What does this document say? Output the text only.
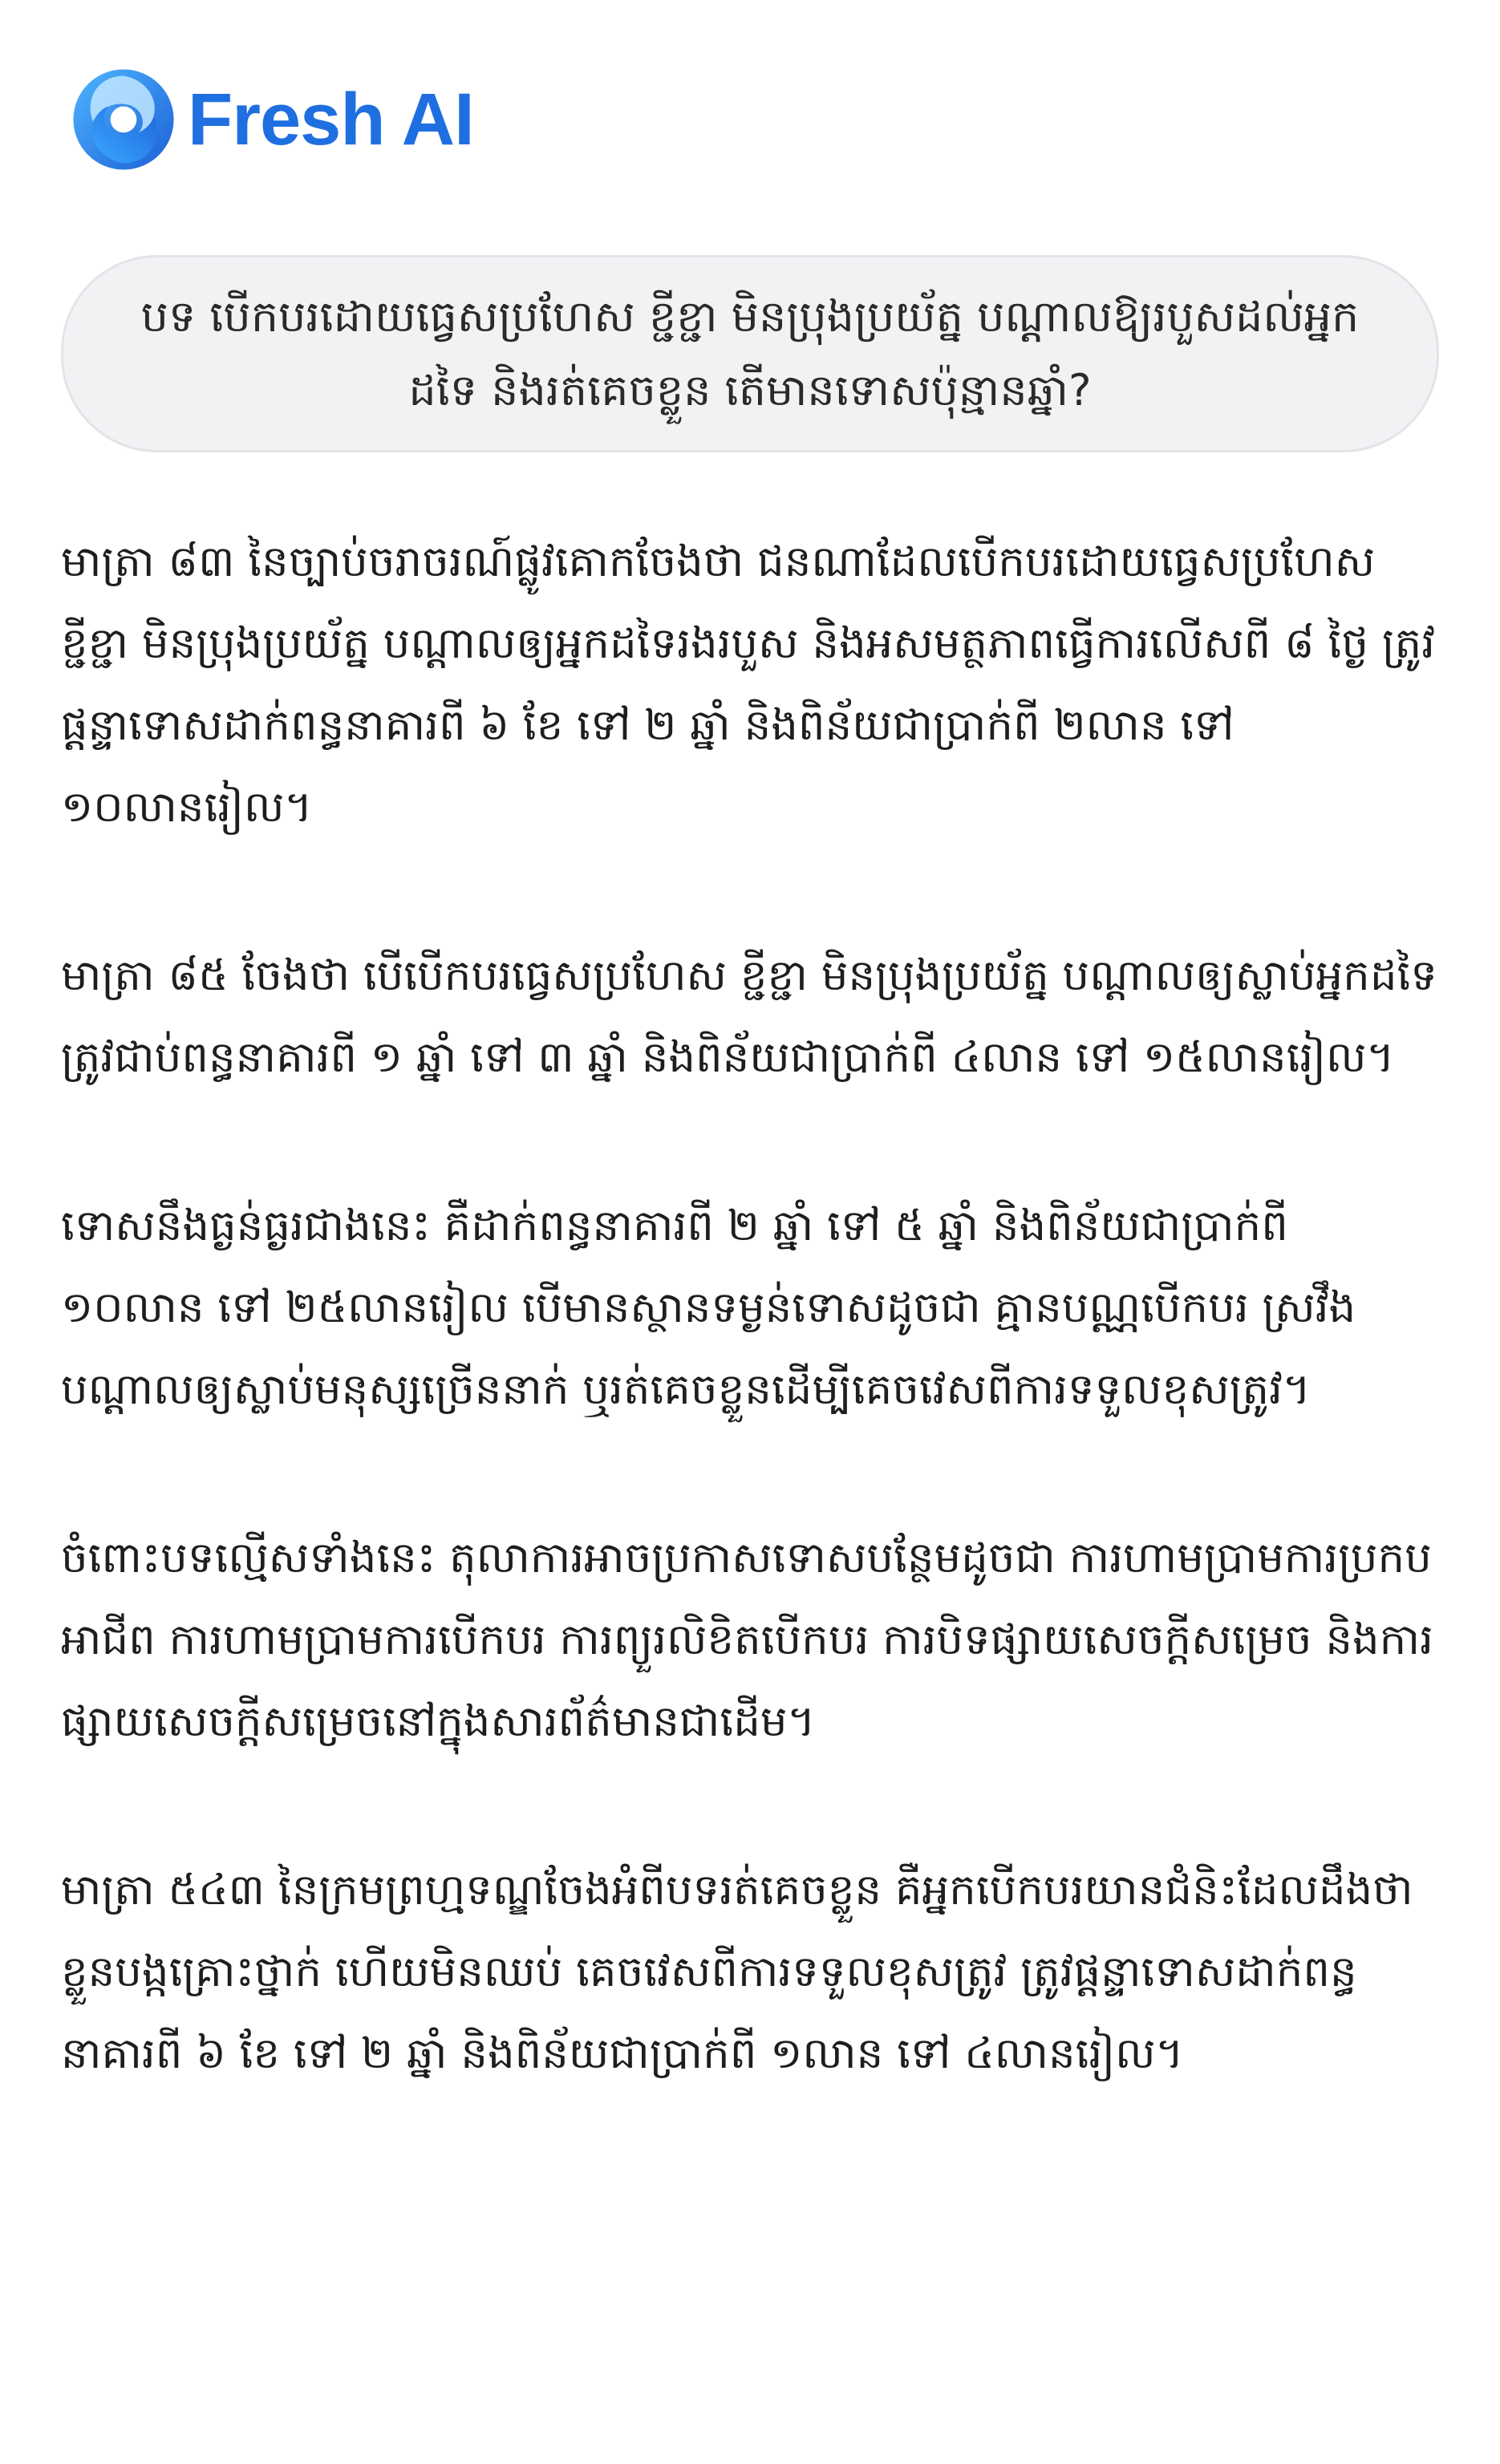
Fresh AI
បទ បើកបរដោយធ្វេសប្រហែស ខ្ជីខ្ជា មិនប្រុងប្រយ័ត្ន បណ្ដាលឱ្យរបួសដល់អ្នកដទៃ និងរត់គេចខ្លួន តើមានទោសប៉ុន្មានឆ្នាំ?

មាត្រា ៨៣ នៃច្បាប់ចរាចរណ៍ផ្លូវគោកចែងថា ជនណាដែលបើកបរដោយធ្វេសប្រហែស ខ្ជីខ្ជា មិនប្រុងប្រយ័ត្ន បណ្ដាលឲ្យអ្នកដទៃរងរបួស និងអសមត្ថភាពធ្វើការលើសពី ៨ ថ្ងៃ ត្រូវផ្ដន្ទាទោសដាក់ពន្ធនាគារពី ៦ ខែ ទៅ ២ ឆ្នាំ និងពិន័យជាប្រាក់ពី ២លាន ទៅ ១០លានរៀល។

មាត្រា ៨៥ ចែងថា បើបើកបរធ្វេសប្រហែស ខ្ជីខ្ជា មិនប្រុងប្រយ័ត្ន បណ្ដាលឲ្យស្លាប់អ្នកដទៃ ត្រូវជាប់ពន្ធនាគារពី ១ ឆ្នាំ ទៅ ៣ ឆ្នាំ និងពិន័យជាប្រាក់ពី ៤លាន ទៅ ១៥លានរៀល។

ទោសនឹងធ្ងន់ធ្ងរជាងនេះ គឺដាក់ពន្ធនាគារពី ២ ឆ្នាំ ទៅ ៥ ឆ្នាំ និងពិន័យជាប្រាក់ពី ១០លាន ទៅ ២៥លានរៀល បើមានស្ថានទម្ងន់ទោសដូចជា គ្មានបណ្ណបើកបរ ស្រវឹង បណ្ដាលឲ្យស្លាប់មនុស្សច្រើននាក់ ឬរត់គេចខ្លួនដើម្បីគេចវេសពីការទទួលខុសត្រូវ។

ចំពោះបទល្មើសទាំងនេះ តុលាការអាចប្រកាសទោសបន្ថែមដូចជា ការហាមប្រាមការប្រកបអាជីព ការហាមប្រាមការបើកបរ ការព្យួរលិខិតបើកបរ ការបិទផ្សាយសេចក្ដីសម្រេច និងការផ្សាយសេចក្ដីសម្រេចនៅក្នុងសារព័ត៌មានជាដើម។

មាត្រា ៥៤៣ នៃក្រមព្រហ្មទណ្ឌចែងអំពីបទរត់គេចខ្លួន គឺអ្នកបើកបរយានជំនិះដែលដឹងថាខ្លួនបង្កគ្រោះថ្នាក់ ហើយមិនឈប់ គេចវេសពីការទទួលខុសត្រូវ ត្រូវផ្ដន្ទាទោសដាក់ពន្ធនាគារពី ៦ ខែ ទៅ ២ ឆ្នាំ និងពិន័យជាប្រាក់ពី ១លាន ទៅ ៤លានរៀល។
